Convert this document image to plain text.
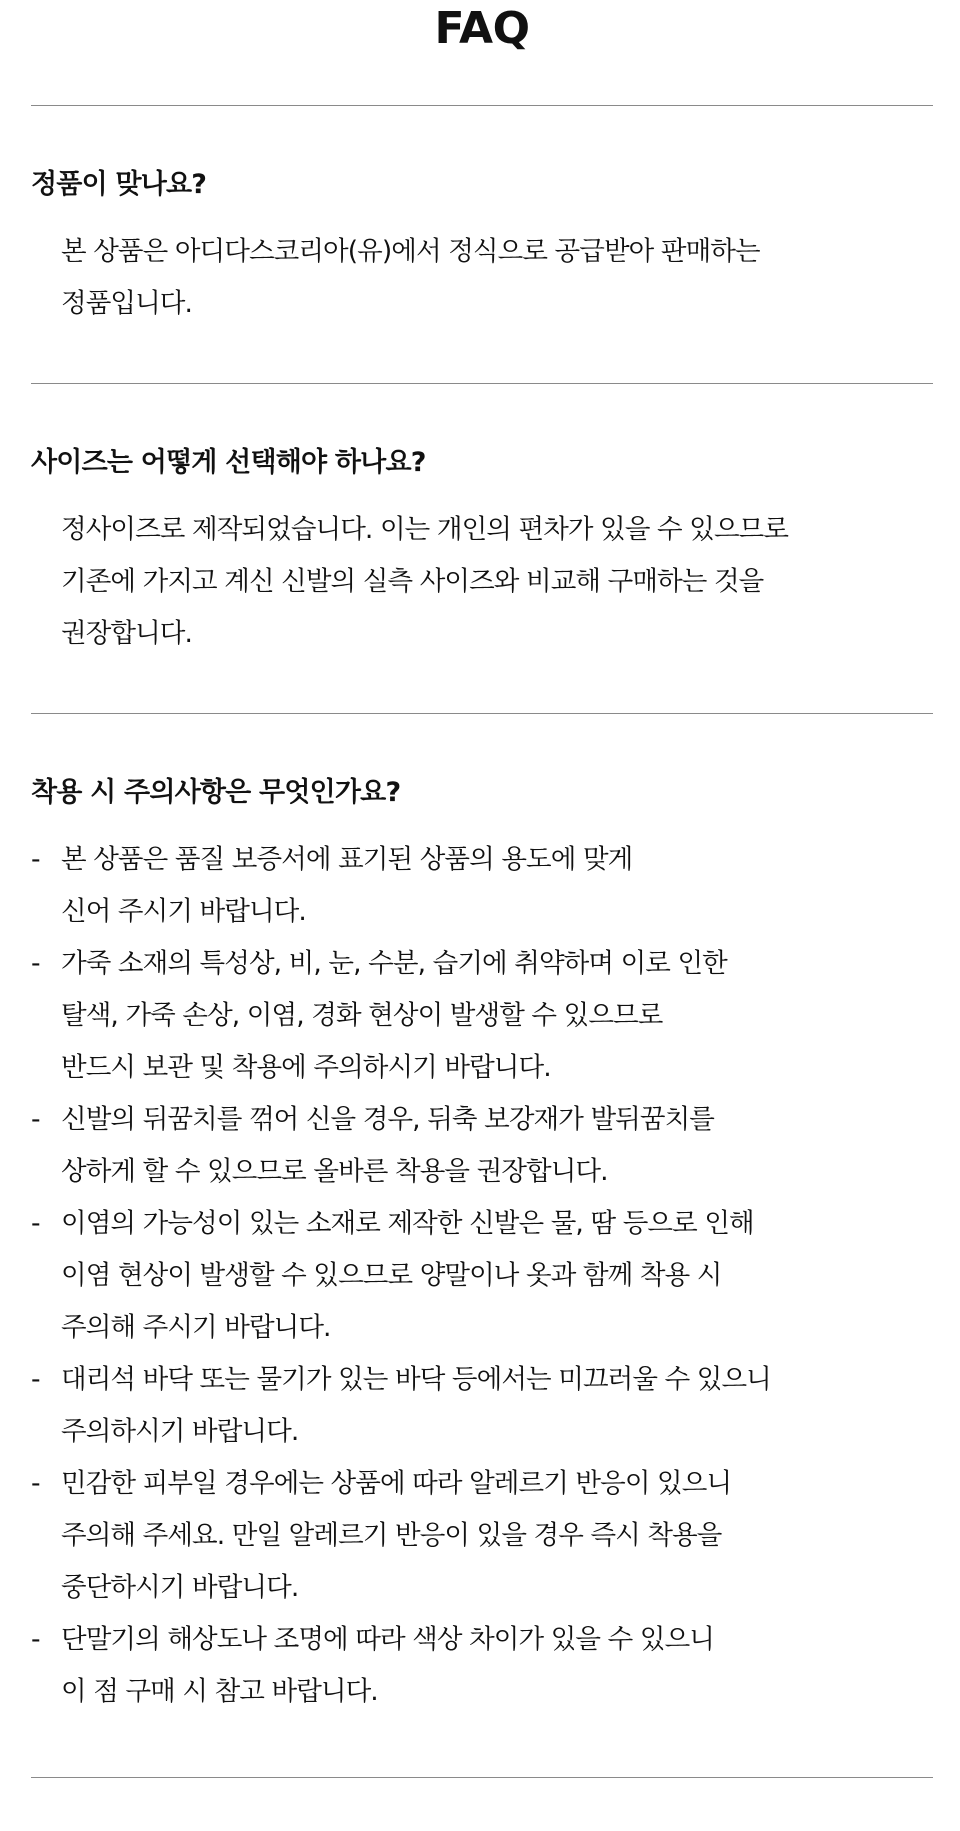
FAQ
정품이 맞나요?
본 상품은 아디다스코리아(유)에서 정식으로 공급받아 판매하는
정품입니다.
사이즈는 어떻게 선택해야 하나요?
정사이즈로 제작되었습니다. 이는 개인의 편차가 있을 수 있으므로
기존에 가지고 계신 신발의 실측 사이즈와 비교해 구매하는 것을
권장합니다.
착용 시 주의사항은 무엇인가요?
- 본 상품은 품질 보증서에 표기된 상품의 용도에 맞게
신어 주시기 바랍니다.
- 가죽 소재의 특성상, 비, 눈, 수분, 습기에 취약하며 이로 인한
탈색, 가죽 손상, 이염, 경화 현상이 발생할 수 있으므로
반드시 보관 및 착용에 주의하시기 바랍니다.
- 신발의 뒤꿈치를 꺾어 신을 경우, 뒤축 보강재가 발뒤꿈치를
상하게 할 수 있으므로 올바른 착용을 권장합니다.
- 이염의 가능성이 있는 소재로 제작한 신발은 물, 땀 등으로 인해
이염 현상이 발생할 수 있으므로 양말이나 옷과 함께 착용 시
주의해 주시기 바랍니다.
- 대리석 바닥 또는 물기가 있는 바닥 등에서는 미끄러울 수 있으니
주의하시기 바랍니다.
- 민감한 피부일 경우에는 상품에 따라 알레르기 반응이 있으니
주의해 주세요. 만일 알레르기 반응이 있을 경우 즉시 착용을
중단하시기 바랍니다.
- 단말기의 해상도나 조명에 따라 색상 차이가 있을 수 있으니
이 점 구매 시 참고 바랍니다.
